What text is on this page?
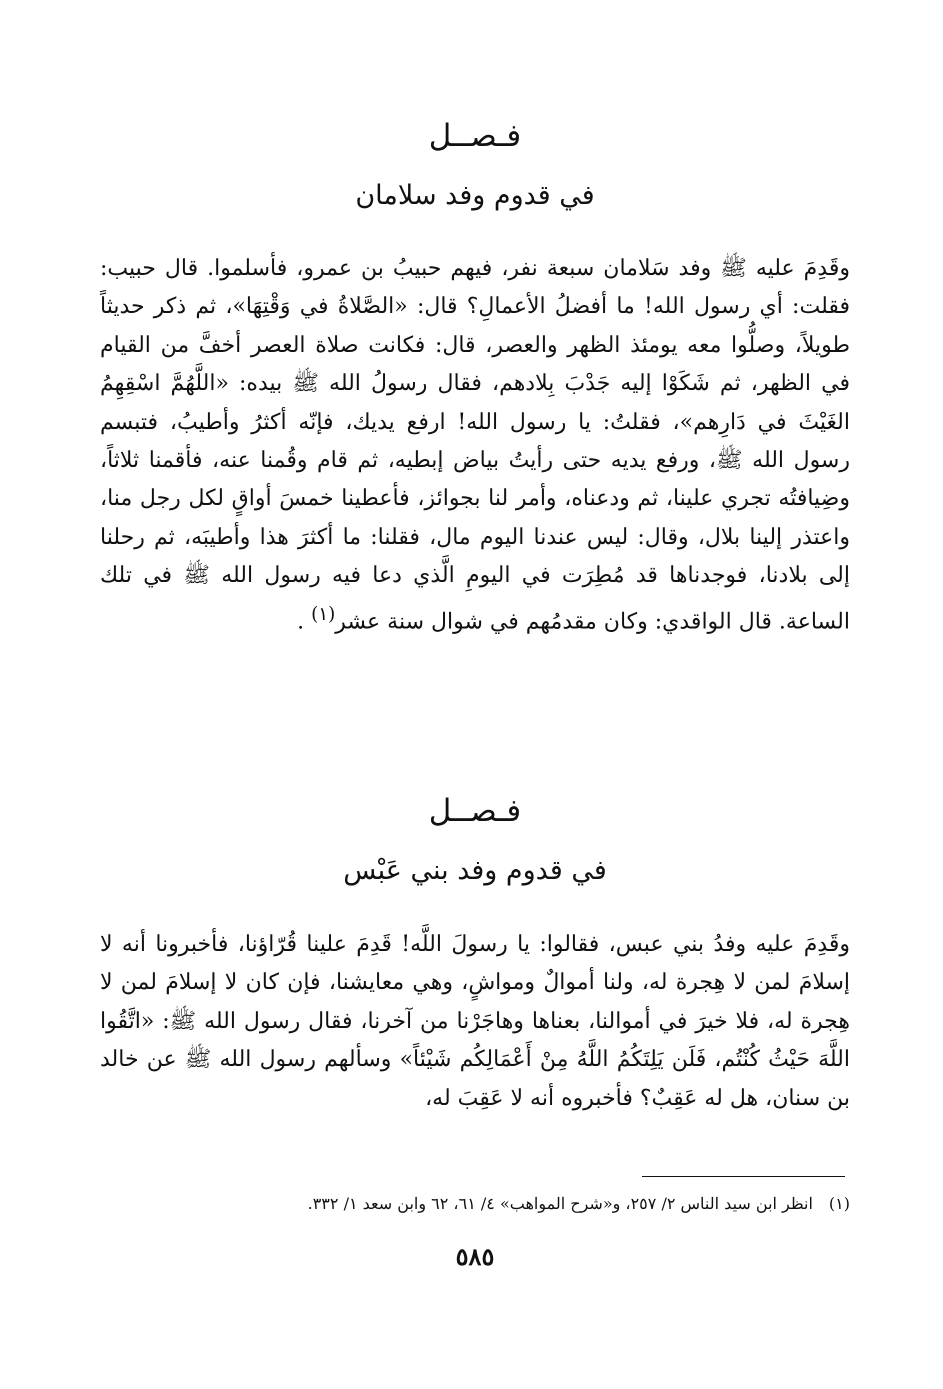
فـصــل
في قدوم وفد سلامان

وقَدِمَ عليه ﷺ وفد سَلامان سبعة نفر، فيهم حبيبُ بن عمرو، فأسلموا. قال حبيب: فقلت: أي رسول الله! ما أفضلُ الأعمالِ؟ قال: «الصَّلاةُ في وَقْتِهَا»، ثم ذكر حديثاً طويلاً، وصلُّوا معه يومئذ الظهر والعصر، قال: فكانت صلاة العصر أخفَّ من القيام في الظهر، ثم شَكَوْا إليه جَدْبَ بِلادهم، فقال رسولُ الله ﷺ بيده: «اللَّهُمَّ اسْقِهِمُ الغَيْثَ في دَارِهم»، فقلتُ: يا رسول الله! ارفع يديك، فإنّه أكثرُ وأطيبُ، فتبسم رسول الله ﷺ، ورفع يديه حتى رأيتُ بياض إبطيه، ثم قام وقُمنا عنه، فأقمنا ثلاثاً، وضِيافتُه تجري علينا، ثم ودعناه، وأمر لنا بجوائز، فأعطينا خمسَ أواقٍ لكل رجل منا، واعتذر إلينا بلال، وقال: ليس عندنا اليوم مال، فقلنا: ما أكثرَ هذا وأطيبَه، ثم رحلنا إلى بلادنا، فوجدناها قد مُطِرَت في اليومِ الَّذي دعا فيه رسول الله ﷺ في تلك الساعة. قال الواقدي: وكان مقدمُهم في شوال سنة عشر$^{(١)}$ .

فـصــل
في قدوم وفد بني عَبْس

وقَدِمَ عليه وفدُ بني عبس، فقالوا: يا رسولَ اللَّه! قَدِمَ علينا قُرّاؤنا، فأخبرونا أنه لا إسلامَ لمن لا هِجرة له، ولنا أموالٌ ومواشٍ، وهي معايشنا، فإن كان لا إسلامَ لمن لا هِجرة له، فلا خيرَ في أموالنا، بعناها وهاجَرْنا من آخرنا، فقال رسول الله ﷺ: «اتَّقُوا اللَّهَ حَيْثُ كُنْتُم، فَلَن يَلِتَكُمُ اللَّهُ مِنْ أَعْمَالِكُم شَيْئاً» وسألهم رسول الله ﷺ عن خالد بن سنان، هل له عَقِبٌ؟ فأخبروه أنه لا عَقِبَ له،

(١)انظر ابن سيد الناس ٢/ ٢٥٧، و«شرح المواهب» ٤/ ٦١، ٦٢ وابن سعد ١/ ٣٣٢.

٥٨٥
